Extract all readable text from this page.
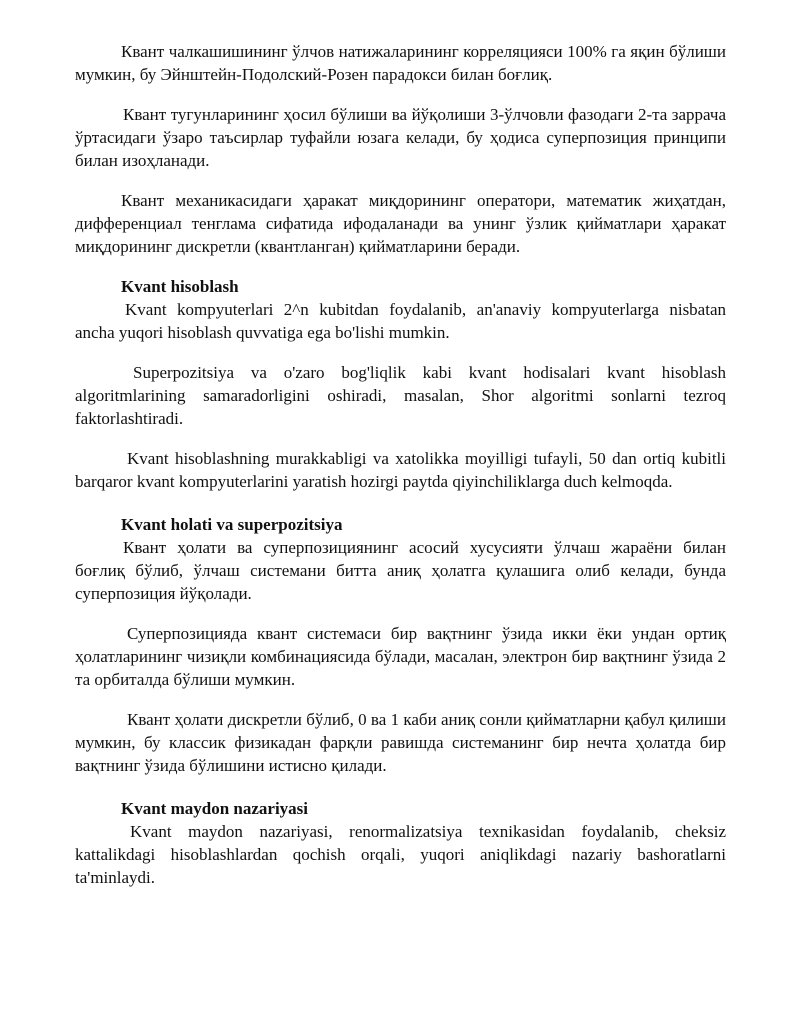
Квант чалкашишининг ўлчов натижаларининг корреляцияси 100% га яқин бўлиши мумкин, бу Эйнштейн-Подолский-Розен парадокси билан боғлиқ.

Квант тугунларининг ҳосил бўлиши ва йўқолиши 3-ўлчовли фазодаги 2-та заррача ўртасидаги ўзаро таъсирлар туфайли юзага келади, бу ҳодиса суперпозиция принципи билан изоҳланади.

Квант механикасидаги ҳаракат миқдорининг оператори, математик жиҳатдан, дифференциал тенглама сифатида ифодаланади ва унинг ўзлик қийматлари ҳаракат миқдорининг дискретли (квантланган) қийматларини беради.

Kvant hisoblash

Kvant kompyuterlari 2^n kubitdan foydalanib, an'anaviy kompyuterlarga nisbatan ancha yuqori hisoblash quvvatiga ega bo'lishi mumkin.

Superpozitsiya va o'zaro bog'liqlik kabi kvant hodisalari kvant hisoblash algoritmlarining samaradorligini oshiradi, masalan, Shor algoritmi sonlarni tezroq faktorlashtiradi.

Kvant hisoblashning murakkabligi va xatolikka moyilligi tufayli, 50 dan ortiq kubitli barqaror kvant kompyuterlarini yaratish hozirgi paytda qiyinchiliklarga duch kelmoqda.

Kvant holati va superpozitsiya

Квант ҳолати ва суперпозициянинг асосий хусусияти ўлчаш жараёни билан боғлиқ бўлиб, ўлчаш системани битта аниқ ҳолатга қулашига олиб келади, бунда суперпозиция йўқолади.

Суперпозицияда квант системаси бир вақтнинг ўзида икки ёки ундан ортиқ ҳолатларининг чизиқли комбинациясида бўлади, масалан, электрон бир вақтнинг ўзида 2 та орбиталда бўлиши мумкин.

Квант ҳолати дискретли бўлиб, 0 ва 1 каби аниқ сонли қийматларни қабул қилиши мумкин, бу классик физикадан фарқли равишда системанинг бир нечта ҳолатда бир вақтнинг ўзида бўлишини истисно қилади.

Kvant maydon nazariyasi

Kvant maydon nazariyasi, renormalizatsiya texnikasidan foydalanib, cheksiz kattalikdagi hisoblashlardan qochish orqali, yuqori aniqlikdagi nazariy bashoratlarni ta'minlaydi.
